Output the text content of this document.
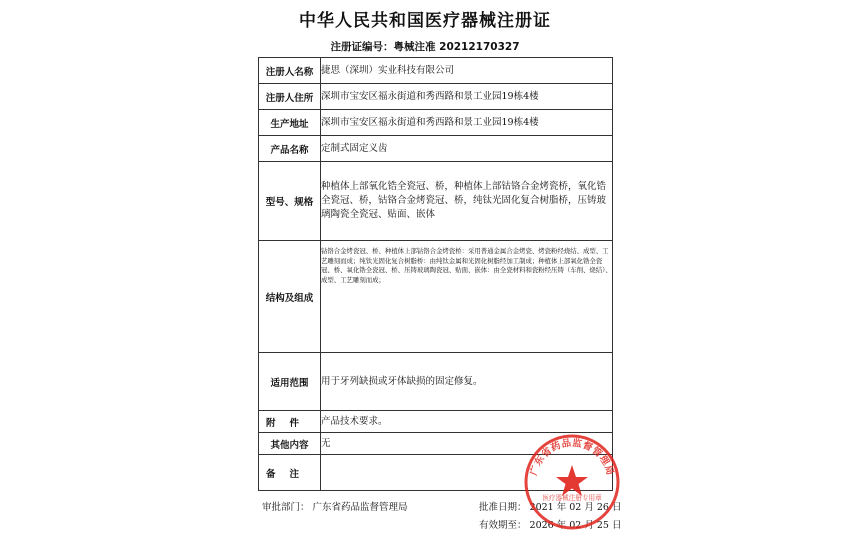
中华人民共和国医疗器械注册证
注册证编号：粤械注准 20212170327
注册人名称	捷思（深圳）实业科技有限公司
注册人住所	深圳市宝安区福永街道和秀西路和景工业园19栋4楼
生产地址	深圳市宝安区福永街道和秀西路和景工业园19栋4楼
产品名称	定制式固定义齿
型号、规格	种植体上部氧化锆全瓷冠、桥，种植体上部钴铬合金烤瓷桥，氧化锆全瓷冠、桥，钴铬合金烤瓷冠、桥，纯钛光固化复合树脂桥，压铸玻璃陶瓷全瓷冠、贴面、嵌体
结构及组成	钴铬合金烤瓷冠、桥、种植体上部钴铬合金烤瓷桥：采用普通金属合金烤瓷、烤瓷粉经烧结、成型、工艺雕刻而成；纯钛光固化复合树脂桥：由纯钛金属和光固化树脂经加工制成；种植体上部氧化锆全瓷冠、桥、氧化锆全瓷冠、桥、压铸玻璃陶瓷冠、贴面、嵌体：由全瓷材料和瓷粉经压铸（车削、烧结）、成型、工艺雕刻而成；
适用范围	用于牙列缺损或牙体缺损的固定修复。
附件	产品技术要求。
其他内容	无
备注	
审批部门： 广东省药品监督管理局	批准日期： 2021 年 02 月 26 日
有效期至： 2026 年 02 月 25 日
广东省药品监督管理局
医疗器械注册专用章
